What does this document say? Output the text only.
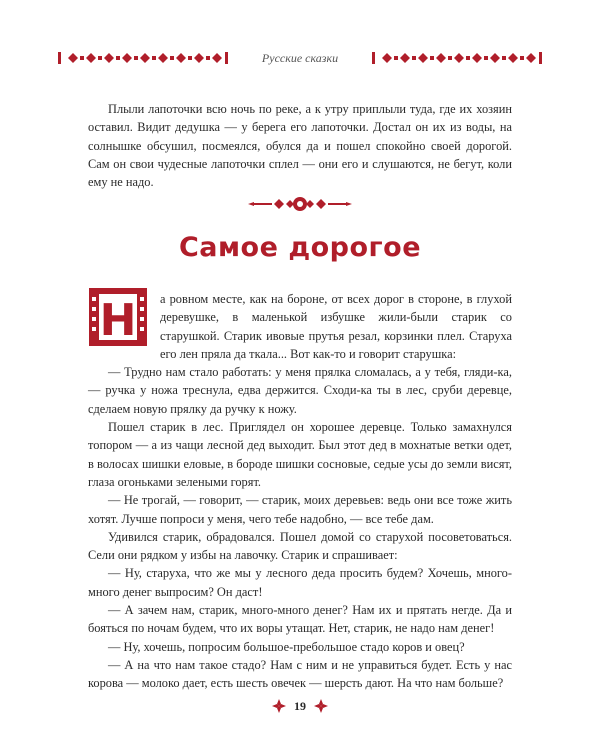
Русские сказки

Плыли лапоточки всю ночь по реке, а к утру приплыли туда, где их хозяин оставил. Видит дедушка — у берега его лапоточки. Достал он их из воды, на солнышке обсушил, посмеялся, обулся да и пошел спокойно своей дорогой. Сам он свои чудесные лапоточки сплел — они его и слушаются, не бегут, коли ему не надо.

Самое дорогое
Н	а ровном месте, как на бороне, от всех дорог в стороне, в глухой деревушке, в маленькой избушке жили-были старик со старушкой. Старик ивовые прутья резал, корзинки плел. Старуха его лен пряла да ткала... Вот как-то и говорит старушка:

— Трудно нам стало работать: у меня прялка сломалась, а у тебя, гляди-ка, — ручка у ножа треснула, едва держится. Сходи-ка ты в лес, сруби деревце, сделаем новую прялку да ручку к ножу.

Пошел старик в лес. Приглядел он хорошее деревце. Только замахнулся топором — а из чащи лесной дед выходит. Был этот дед в мохнатые ветки одет, в волосах шишки еловые, в бороде шишки сосновые, седые усы до земли висят, глаза огоньками зелеными горят.

— Не трогай, — говорит, — старик, моих деревьев: ведь они все тоже жить хотят. Лучше попроси у меня, чего тебе надобно, — все тебе дам.

Удивился старик, обрадовался. Пошел домой со старухой посоветоваться. Сели они рядком у избы на лавочку. Старик и спрашивает:

— Ну, старуха, что же мы у лесного деда просить будем? Хочешь, много-много денег выпросим? Он даст!

— А зачем нам, старик, много-много денег? Нам их и прятать негде. Да и бояться по ночам будем, что их воры утащат. Нет, старик, не надо нам денег!

— Ну, хочешь, попросим большое-пребольшое стадо коров и овец?

— А на что нам такое стадо? Нам с ним и не управиться будет. Есть у нас корова — молоко дает, есть шесть овечек — шерсть дают. На что нам больше?

19
